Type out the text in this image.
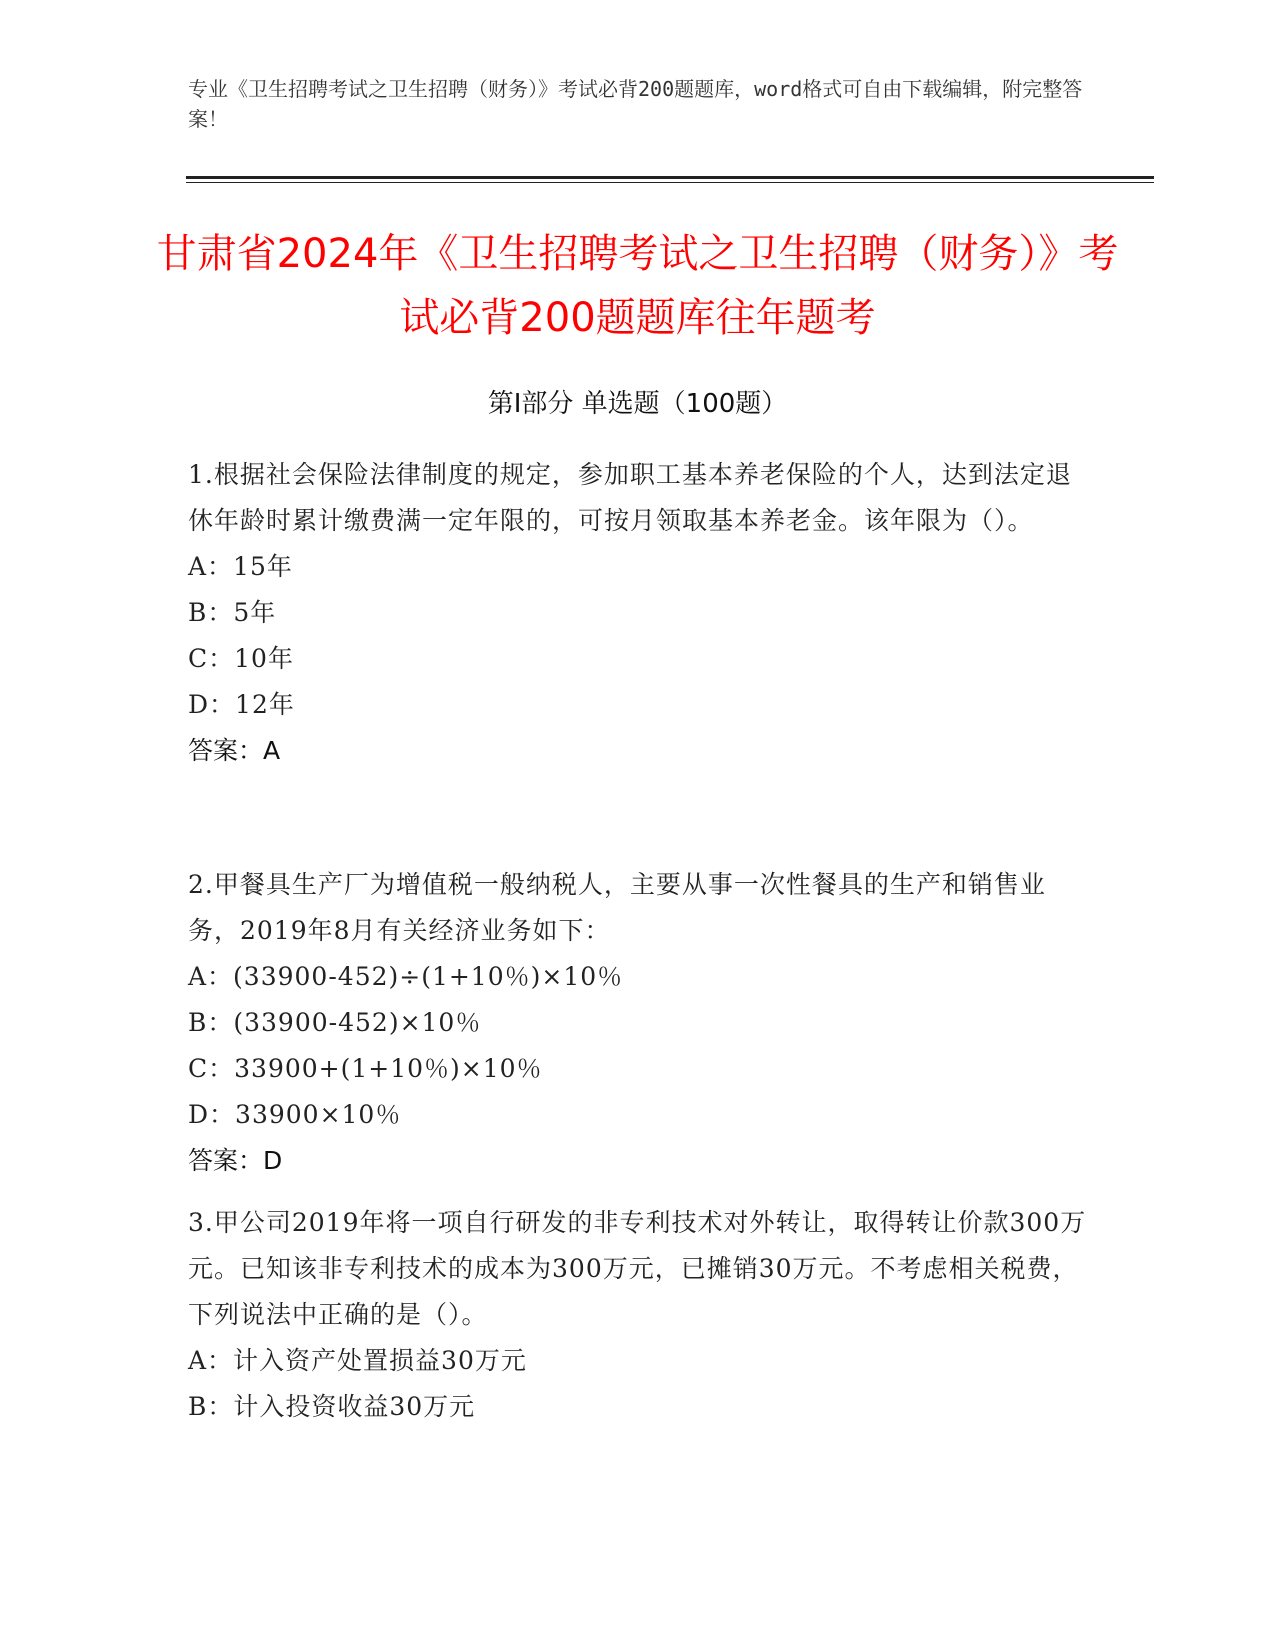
专业《卫生招聘考试之卫生招聘（财务）》考试必背200题题库，word格式可自由下载编辑，附完整答案！
甘肃省2024年《卫生招聘考试之卫生招聘（财务）》考试必背200题题库往年题考
第Ⅰ部分 单选题（100题）
1.根据社会保险法律制度的规定，参加职工基本养老保险的个人，达到法定退休年龄时累计缴费满一定年限的，可按月领取基本养老金。该年限为（）。
A：15年
B：5年
C：10年
D：12年
答案：A
2.甲餐具生产厂为增值税一般纳税人，主要从事一次性餐具的生产和销售业务，2019年8月有关经济业务如下：
A：(33900-452)÷(1+10％)×10％
B：(33900-452)×10％
C：33900+(1+10％)×10％
D：33900×10％
答案：D
3.甲公司2019年将一项自行研发的非专利技术对外转让，取得转让价款300万元。已知该非专利技术的成本为300万元，已摊销30万元。不考虑相关税费，下列说法中正确的是（）。
A：计入资产处置损益30万元
B：计入投资收益30万元
